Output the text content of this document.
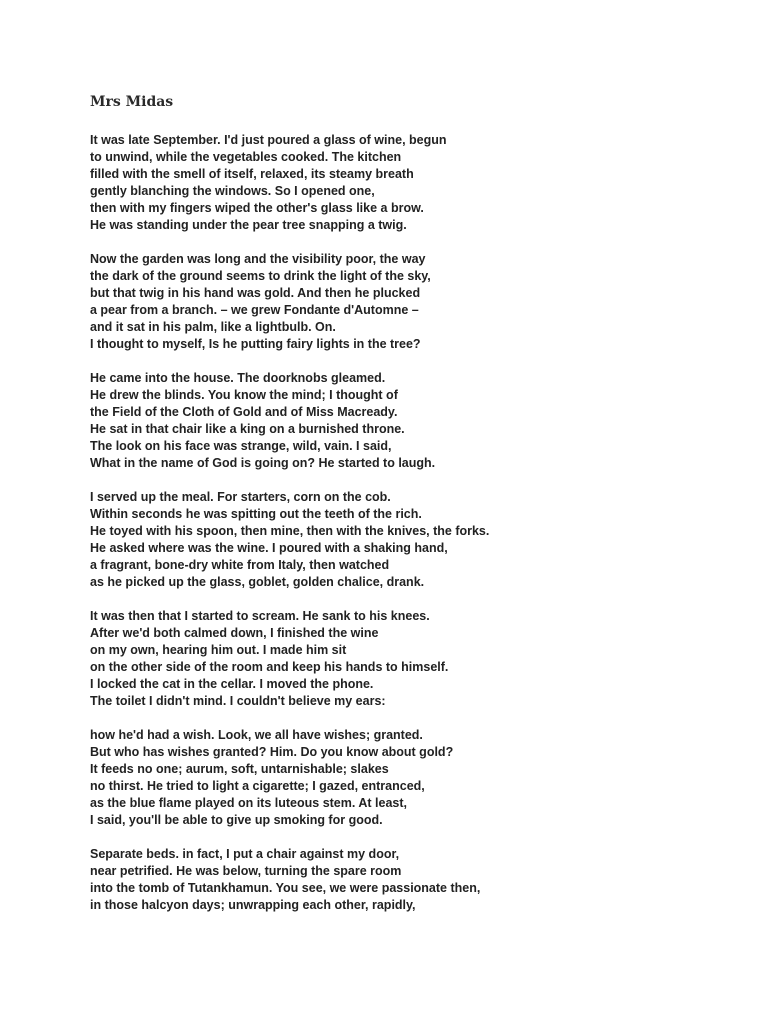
Mrs Midas
It was late September. I'd just poured a glass of wine, begun
to unwind, while the vegetables cooked. The kitchen
filled with the smell of itself, relaxed, its steamy breath
gently blanching the windows. So I opened one,
then with my fingers wiped the other's glass like a brow.
He was standing under the pear tree snapping a twig.
Now the garden was long and the visibility poor, the way
the dark of the ground seems to drink the light of the sky,
but that twig in his hand was gold. And then he plucked
a pear from a branch. – we grew Fondante d'Automne –
and it sat in his palm, like a lightbulb. On.
I thought to myself, Is he putting fairy lights in the tree?
He came into the house. The doorknobs gleamed.
He drew the blinds. You know the mind; I thought of
the Field of the Cloth of Gold and of Miss Macready.
He sat in that chair like a king on a burnished throne.
The look on his face was strange, wild, vain. I said,
What in the name of God is going on? He started to laugh.
I served up the meal. For starters, corn on the cob.
Within seconds he was spitting out the teeth of the rich.
He toyed with his spoon, then mine, then with the knives, the forks.
He asked where was the wine. I poured with a shaking hand,
a fragrant, bone-dry white from Italy, then watched
as he picked up the glass, goblet, golden chalice, drank.
It was then that I started to scream. He sank to his knees.
After we'd both calmed down, I finished the wine
on my own, hearing him out. I made him sit
on the other side of the room and keep his hands to himself.
I locked the cat in the cellar. I moved the phone.
The toilet I didn't mind. I couldn't believe my ears:
how he'd had a wish. Look, we all have wishes; granted.
But who has wishes granted? Him. Do you know about gold?
It feeds no one; aurum, soft, untarnishable; slakes
no thirst. He tried to light a cigarette; I gazed, entranced,
as the blue flame played on its luteous stem. At least,
I said, you'll be able to give up smoking for good.
Separate beds. in fact, I put a chair against my door,
near petrified. He was below, turning the spare room
into the tomb of Tutankhamun. You see, we were passionate then,
in those halcyon days; unwrapping each other, rapidly,
